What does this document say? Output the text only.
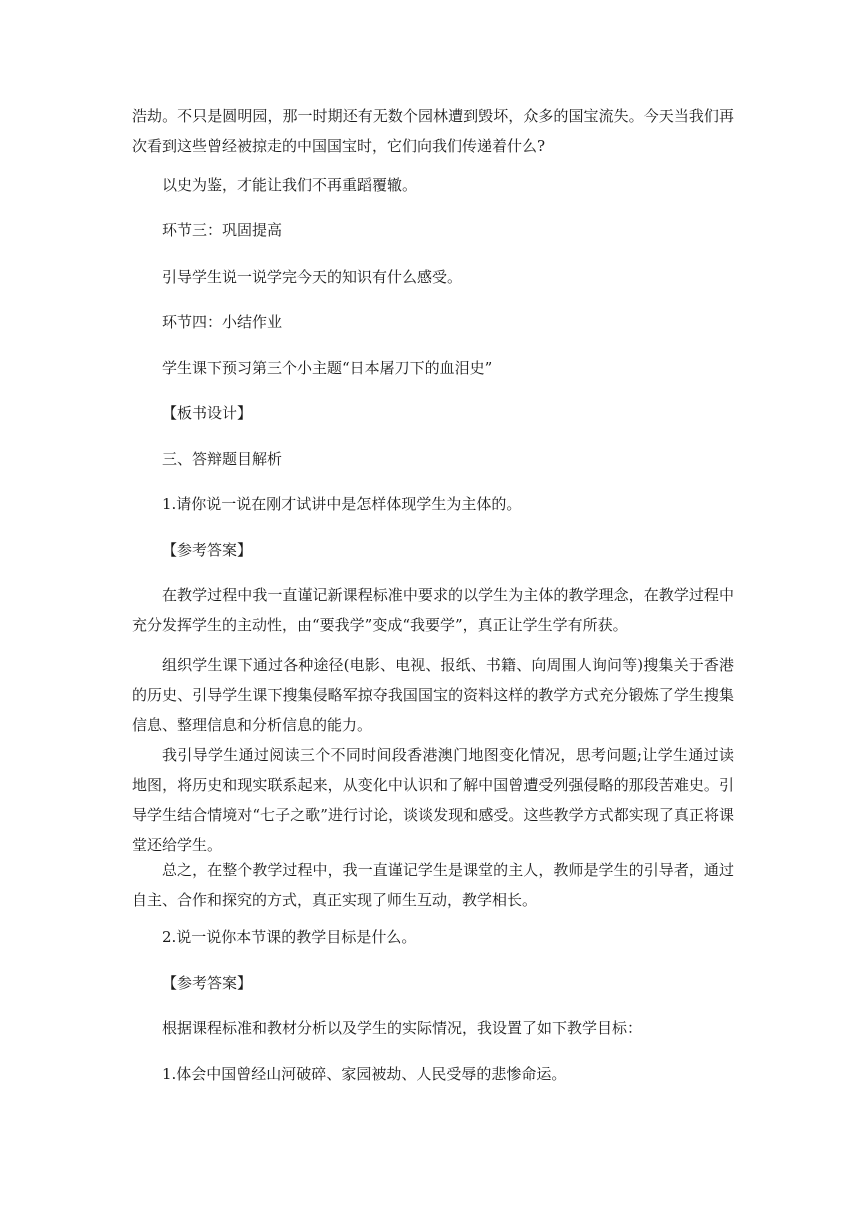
浩劫。不只是圆明园，那一时期还有无数个园林遭到毁坏，众多的国宝流失。今天当我们再次看到这些曾经被掠走的中国国宝时，它们向我们传递着什么?

以史为鉴，才能让我们不再重蹈覆辙。

环节三：巩固提高

引导学生说一说学完今天的知识有什么感受。

环节四：小结作业

学生课下预习第三个小主题“日本屠刀下的血泪史”

【板书设计】

三、答辩题目解析

1.请你说一说在刚才试讲中是怎样体现学生为主体的。

【参考答案】

在教学过程中我一直谨记新课程标准中要求的以学生为主体的教学理念，在教学过程中充分发挥学生的主动性，由“要我学”变成“我要学”，真正让学生学有所获。

组织学生课下通过各种途径(电影、电视、报纸、书籍、向周围人询问等)搜集关于香港的历史、引导学生课下搜集侵略军掠夺我国国宝的资料这样的教学方式充分锻炼了学生搜集信息、整理信息和分析信息的能力。

我引导学生通过阅读三个不同时间段香港澳门地图变化情况，思考问题;让学生通过读地图，将历史和现实联系起来，从变化中认识和了解中国曾遭受列强侵略的那段苦难史。引导学生结合情境对“七子之歌”进行讨论，谈谈发现和感受。这些教学方式都实现了真正将课堂还给学生。

总之，在整个教学过程中，我一直谨记学生是课堂的主人，教师是学生的引导者，通过自主、合作和探究的方式，真正实现了师生互动，教学相长。

2.说一说你本节课的教学目标是什么。

【参考答案】

根据课程标准和教材分析以及学生的实际情况，我设置了如下教学目标：

1.体会中国曾经山河破碎、家园被劫、人民受辱的悲惨命运。
